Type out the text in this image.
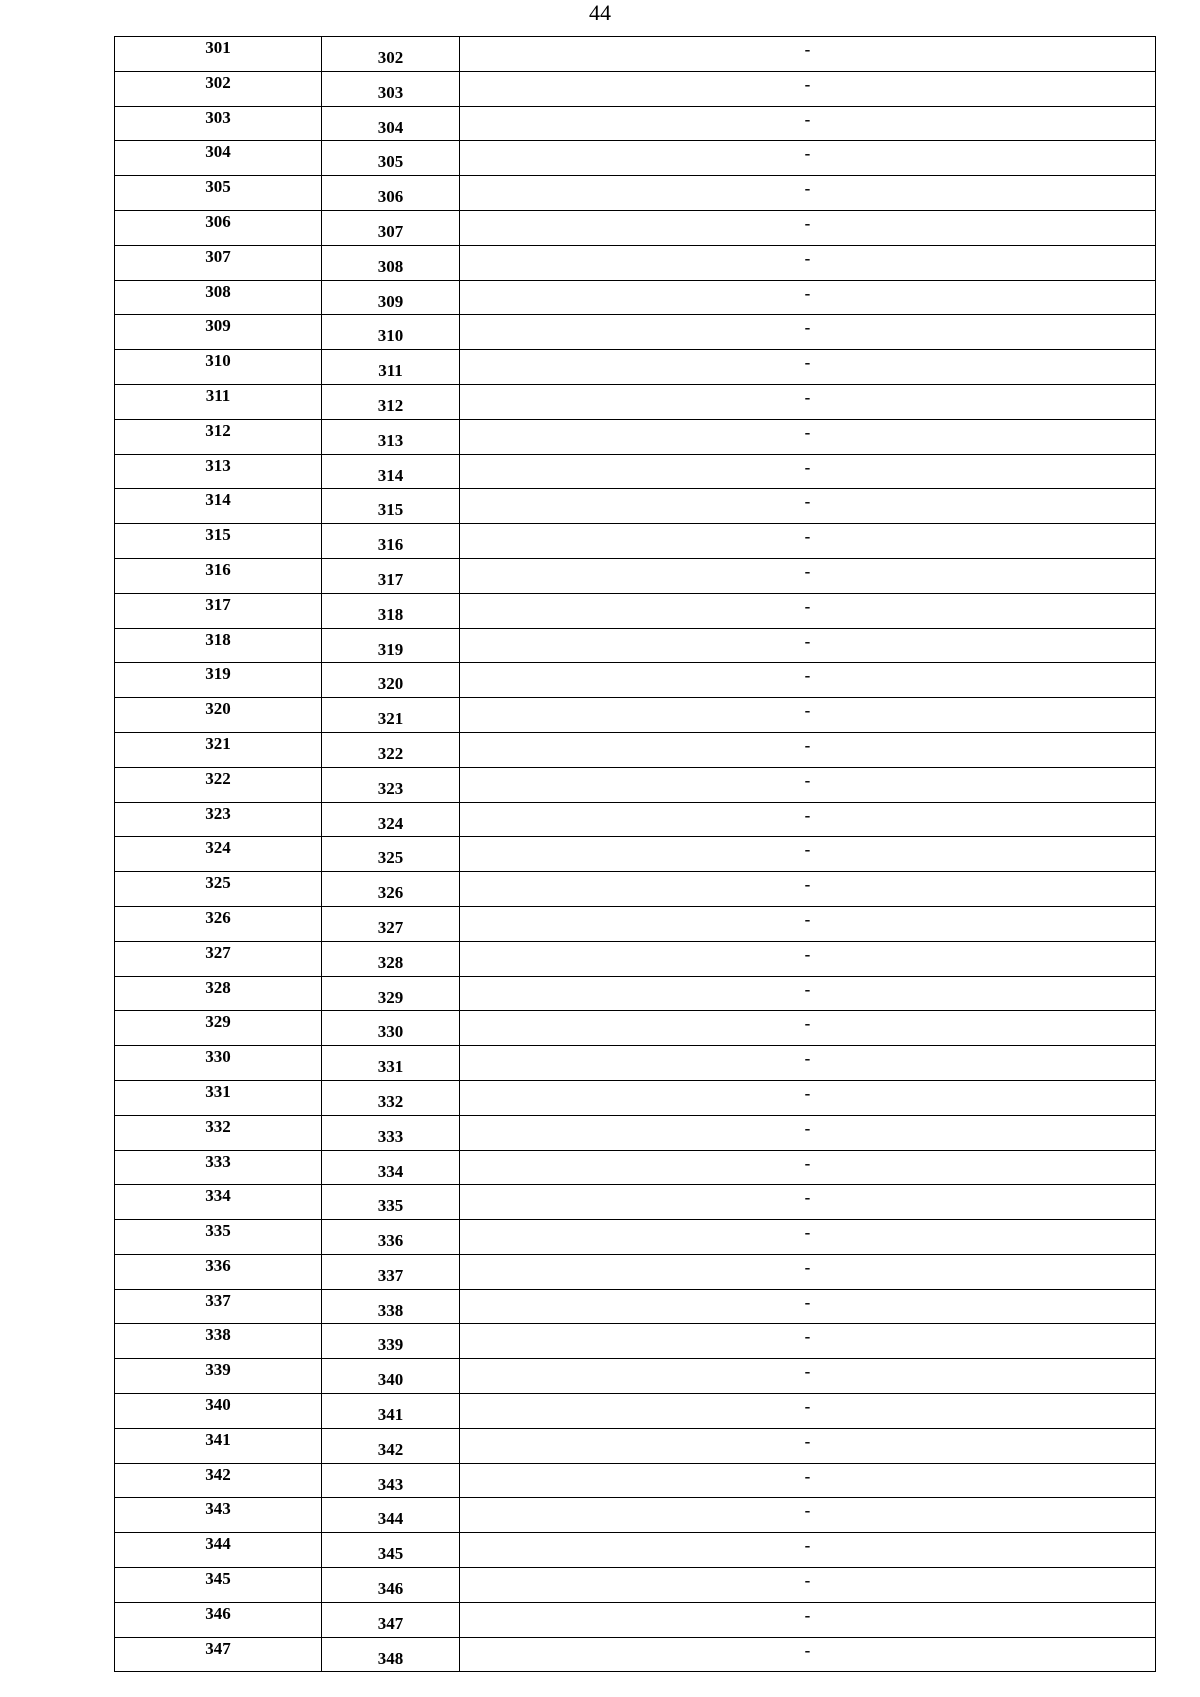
44
301	302	-

302	303	-

303	304	-

304	305	-

305	306	-

306	307	-

307	308	-

308	309	-

309	310	-

310	311	-

311	312	-

312	313	-

313	314	-

314	315	-

315	316	-

316	317	-

317	318	-

318	319	-

319	320	-

320	321	-

321	322	-

322	323	-

323	324	-

324	325	-

325	326	-

326	327	-

327	328	-

328	329	-

329	330	-

330	331	-

331	332	-

332	333	-

333	334	-

334	335	-

335	336	-

336	337	-

337	338	-

338	339	-

339	340	-

340	341	-

341	342	-

342	343	-

343	344	-

344	345	-

345	346	-

346	347	-

347	348	-
